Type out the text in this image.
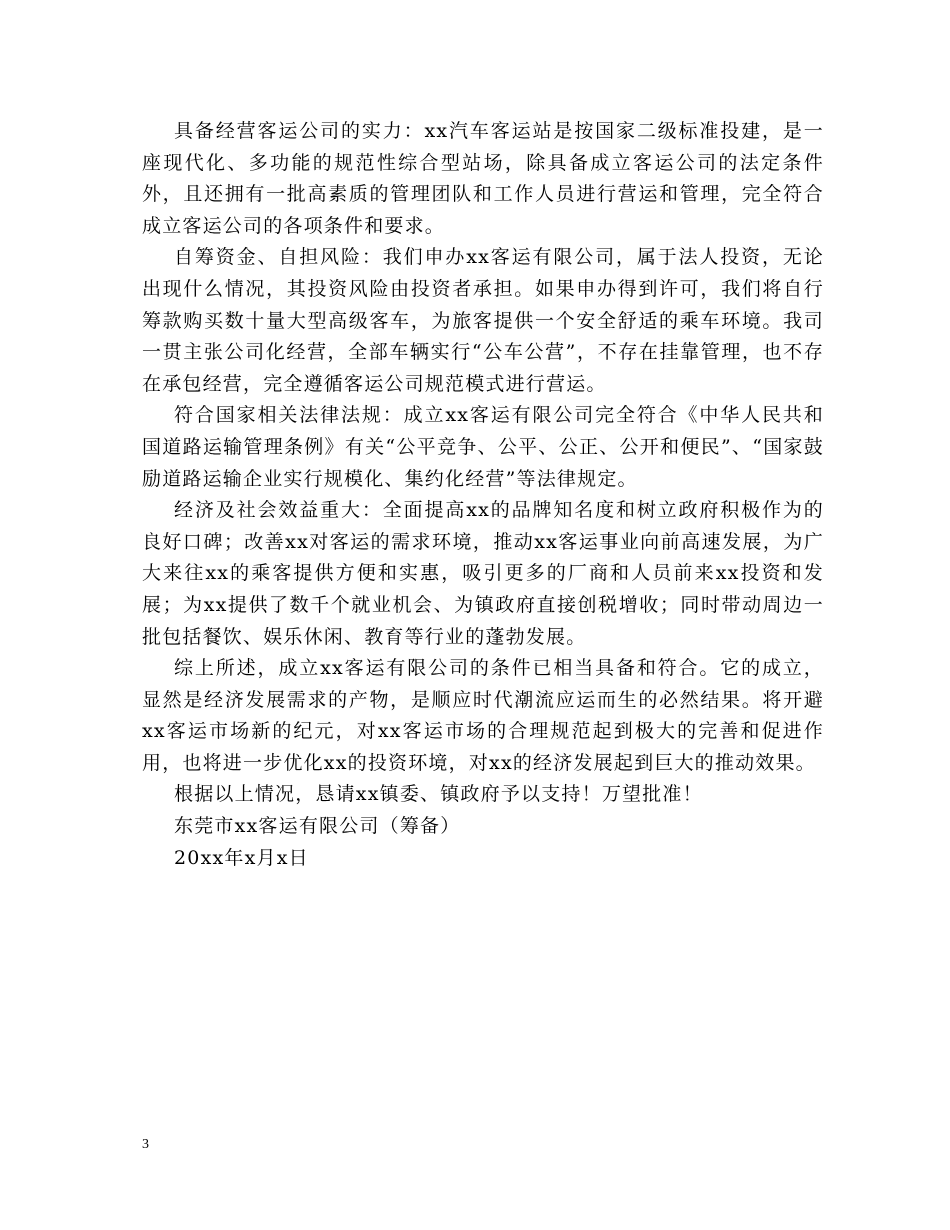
具备经营客运公司的实力：xx汽车客运站是按国家二级标准投建，是一座现代化、多功能的规范性综合型站场，除具备成立客运公司的法定条件外，且还拥有一批高素质的管理团队和工作人员进行营运和管理，完全符合成立客运公司的各项条件和要求。

自筹资金、自担风险：我们申办xx客运有限公司，属于法人投资，无论出现什么情况，其投资风险由投资者承担。如果申办得到许可，我们将自行筹款购买数十量大型高级客车，为旅客提供一个安全舒适的乘车环境。我司一贯主张公司化经营，全部车辆实行“公车公营”，不存在挂靠管理，也不存在承包经营，完全遵循客运公司规范模式进行营运。

符合国家相关法律法规：成立xx客运有限公司完全符合《中华人民共和国道路运输管理条例》有关“公平竞争、公平、公正、公开和便民”、“国家鼓励道路运输企业实行规模化、集约化经营”等法律规定。

经济及社会效益重大：全面提高xx的品牌知名度和树立政府积极作为的良好口碑；改善xx对客运的需求环境，推动xx客运事业向前高速发展，为广大来往xx的乘客提供方便和实惠，吸引更多的厂商和人员前来xx投资和发展；为xx提供了数千个就业机会、为镇政府直接创税增收；同时带动周边一批包括餐饮、娱乐休闲、教育等行业的蓬勃发展。

综上所述，成立xx客运有限公司的条件已相当具备和符合。它的成立，显然是经济发展需求的产物，是顺应时代潮流应运而生的必然结果。将开避xx客运市场新的纪元，对xx客运市场的合理规范起到极大的完善和促进作用，也将进一步优化xx的投资环境，对xx的经济发展起到巨大的推动效果。

根据以上情况，恳请xx镇委、镇政府予以支持！万望批准！

东莞市xx客运有限公司（筹备）

20xx年x月x日

3
